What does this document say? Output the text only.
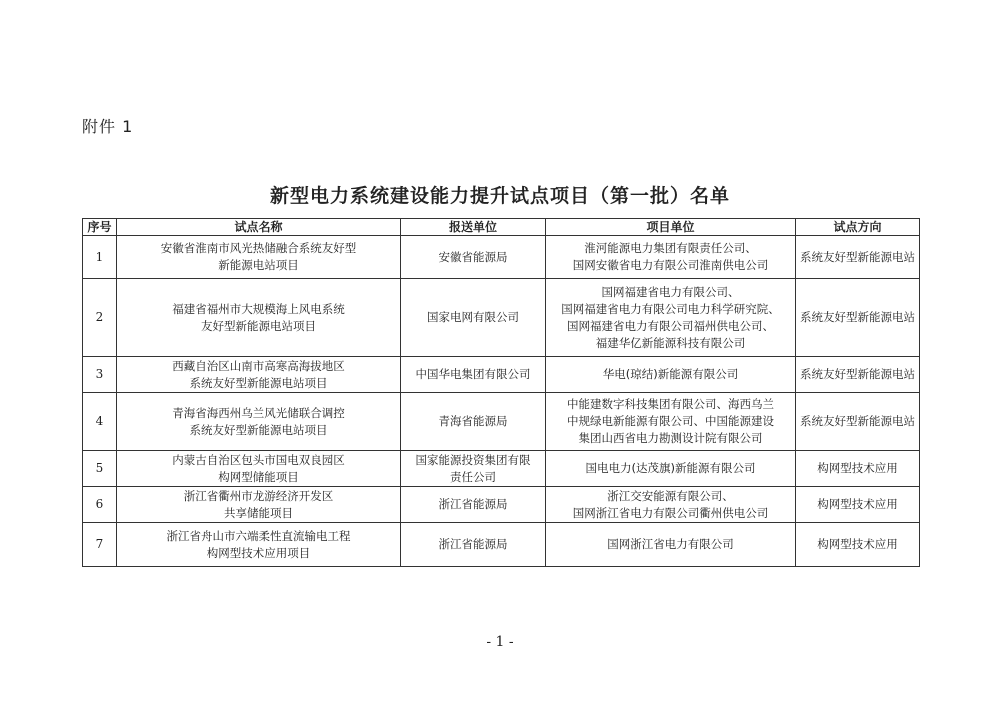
附件 1
新型电力系统建设能力提升试点项目（第一批）名单
序号	试点名称	报送单位	项目单位	试点方向
1	安徽省淮南市风光热储融合系统友好型
新能源电站项目	安徽省能源局	淮河能源电力集团有限责任公司、
国网安徽省电力有限公司淮南供电公司	系统友好型新能源电站
2	福建省福州市大规模海上风电系统
友好型新能源电站项目	国家电网有限公司	国网福建省电力有限公司、
国网福建省电力有限公司电力科学研究院、
国网福建省电力有限公司福州供电公司、
福建华亿新能源科技有限公司	系统友好型新能源电站
3	西藏自治区山南市高寒高海拔地区
系统友好型新能源电站项目	中国华电集团有限公司	华电(琼结)新能源有限公司	系统友好型新能源电站
4	青海省海西州乌兰风光储联合调控
系统友好型新能源电站项目	青海省能源局	中能建数字科技集团有限公司、海西乌兰
中规绿电新能源有限公司、中国能源建设
集团山西省电力勘测设计院有限公司	系统友好型新能源电站
5	内蒙古自治区包头市国电双良园区
构网型储能项目	国家能源投资集团有限
责任公司	国电电力(达茂旗)新能源有限公司	构网型技术应用
6	浙江省衢州市龙游经济开发区
共享储能项目	浙江省能源局	浙江交安能源有限公司、
国网浙江省电力有限公司衢州供电公司	构网型技术应用
7	浙江省舟山市六端柔性直流输电工程
构网型技术应用项目	浙江省能源局	国网浙江省电力有限公司	构网型技术应用
- 1 -
